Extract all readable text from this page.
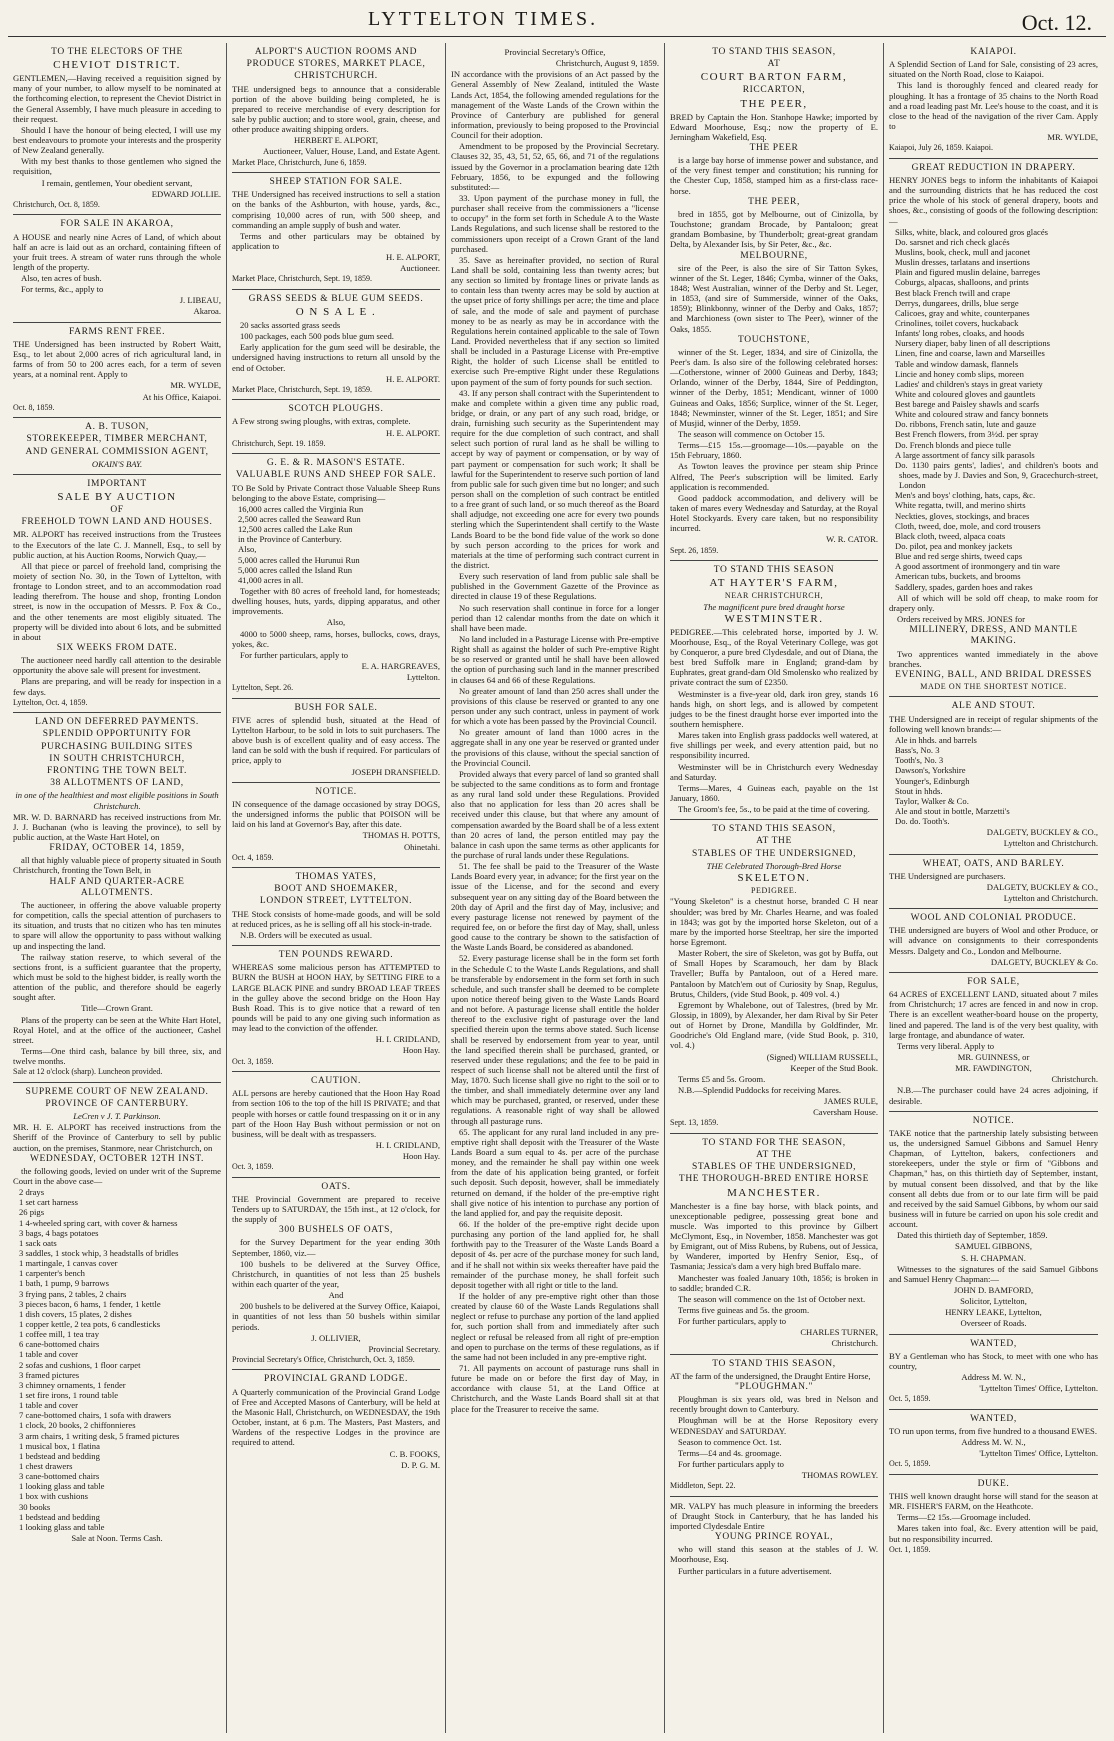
LYTTELTON TIMES.	Oct. 12.
TO THE ELECTORS OF THE
CHEVIOT DISTRICT.

GENTLEMEN,—Having received a requisition signed by many of your number, to allow myself to be nominated at the forthcoming election, to represent the Cheviot District in the General Assembly, I have much pleasure in acceding to their request.

Should I have the honour of being elected, I will use my best endeavours to promote your interests and the prosperity of New Zealand generally.

With my best thanks to those gentlemen who signed the requisition,

I remain, gentlemen, Your obedient servant,
EDWARD JOLLIE.
Christchurch, Oct. 8, 1859.
FOR SALE IN AKAROA,

A HOUSE and nearly nine Acres of Land, of which about half an acre is laid out as an orchard, containing fifteen of your fruit trees. A stream of water runs through the whole length of the property.

Also, ten acres of bush.

For terms, &c., apply to

J. LIBEAU,
Akaroa.
FARMS RENT FREE.

THE Undersigned has been instructed by Robert Waitt, Esq., to let about 2,000 acres of rich agricultural land, in farms of from 50 to 200 acres each, for a term of seven years, at a nominal rent. Apply to

MR. WYLDE,
At his Office, Kaiapoi.
Oct. 8, 1859.
A. B. TUSON,
STOREKEEPER, TIMBER MERCHANT,
AND GENERAL COMMISSION AGENT,
OKAIN'S BAY.
IMPORTANT
SALE BY AUCTION
OF
FREEHOLD TOWN LAND AND HOUSES.

MR. ALPORT has received instructions from the Trustees to the Executors of the late C. J. Mannell, Esq., to sell by public auction, at his Auction Rooms, Norwich Quay,—

All that piece or parcel of freehold land, comprising the moiety of section No. 30, in the Town of Lyttelton, with frontage to London street, and to an accommodation road leading therefrom. The house and shop, fronting London street, is now in the occupation of Messrs. P. Fox & Co., and the other tenements are most eligibly situated. The property will be divided into about 6 lots, and be submitted in about

SIX WEEKS FROM DATE.

The auctioneer need hardly call attention to the desirable opportunity the above sale will present for investment.

Plans are preparing, and will be ready for inspection in a few days.

Lyttelton, Oct. 4, 1859.
LAND ON DEFERRED PAYMENTS.
SPLENDID OPPORTUNITY FOR
PURCHASING BUILDING SITES
IN SOUTH CHRISTCHURCH,
FRONTING THE TOWN BELT.
38 ALLOTMENTS OF LAND,
in one of the healthiest and most eligible positions in South Christchurch.

MR. W. D. BARNARD has received instructions from Mr. J. J. Buchanan (who is leaving the province), to sell by public auction, at the Waste Hart Hotel, on

FRIDAY, OCTOBER 14, 1859,

all that highly valuable piece of property situated in South Christchurch, fronting the Town Belt, in

HALF AND QUARTER-ACRE ALLOTMENTS.

The auctioneer, in offering the above valuable property for competition, calls the special attention of purchasers to its situation, and trusts that no citizen who has ten minutes to spare will allow the opportunity to pass without walking up and inspecting the land.

The railway station reserve, to which several of the sections front, is a sufficient guarantee that the property, which must be sold to the highest bidder, is really worth the attention of the public, and therefore should be eagerly sought after.

Title—Crown Grant.

Plans of the property can be seen at the White Hart Hotel, Royal Hotel, and at the office of the auctioneer, Cashel street.

Terms—One third cash, balance by bill three, six, and twelve months.

Sale at 12 o'clock (sharp). Luncheon provided.
SUPREME COURT OF NEW ZEALAND.
PROVINCE OF CANTERBURY.
LeCren v J. T. Parkinson.

MR. H. E. ALPORT has received instructions from the Sheriff of the Province of Canterbury to sell by public auction, on the premises, Stanmore, near Christchurch, on

WEDNESDAY, OCTOBER 12TH INST.

the following goods, levied on under writ of the Supreme Court in the above case—

2 drays
1 set cart harness
26 pigs
1 4-wheeled spring cart, with cover & harness
3 bags, 4 bags potatoes
1 sack oats
3 saddles, 1 stock whip, 3 headstalls of bridles
1 martingale, 1 canvas cover
1 carpenter's bench
1 bath, 1 pump, 9 barrows
3 frying pans, 2 tables, 2 chairs
3 pieces bacon, 6 hams, 1 fender, 1 kettle
1 dish covers, 15 plates, 2 dishes
1 copper kettle, 2 tea pots, 6 candlesticks
1 coffee mill, 1 tea tray
6 cane-bottomed chairs
1 table and cover
2 sofas and cushions, 1 floor carpet
3 framed pictures
3 chimney ornaments, 1 fender
1 set fire irons, 1 round table
1 table and cover
7 cane-bottomed chairs, 1 sofa with drawers
1 clock, 20 books, 2 chiffonnieres
3 arm chairs, 1 writing desk, 5 framed pictures
1 musical box, 1 flatina
1 bedstead and bedding
1 chest drawers
3 cane-bottomed chairs
1 looking glass and table
1 box with cushions
30 books
1 bedstead and bedding
1 looking glass and table
Sale at Noon. Terms Cash.
ALPORT'S AUCTION ROOMS AND
PRODUCE STORES, MARKET PLACE,
CHRISTCHURCH.

THE undersigned begs to announce that a considerable portion of the above building being completed, he is prepared to receive merchandise of every description for sale by public auction; and to store wool, grain, cheese, and other produce awaiting shipping orders.

HERBERT E. ALPORT,
Auctioneer, Valuer, House, Land, and Estate Agent.
Market Place, Christchurch, June 6, 1859.
SHEEP STATION FOR SALE.

THE Undersigned has received instructions to sell a station on the banks of the Ashburton, with house, yards, &c., comprising 10,000 acres of run, with 500 sheep, and commanding an ample supply of bush and water.

Terms and other particulars may be obtained by application to

H. E. ALPORT,
Auctioneer.
Market Place, Christchurch, Sept. 19, 1859.
GRASS SEEDS & BLUE GUM SEEDS.
O N S A L E .

20 sacks assorted grass seeds

100 packages, each 500 pods blue gum seed.

Early application for the gum seed will be desirable, the undersigned having instructions to return all unsold by the end of October.

H. E. ALPORT.
Market Place, Christchurch, Sept. 19, 1859.
SCOTCH PLOUGHS.

A Few strong swing ploughs, with extras, complete.

H. E. ALPORT.
Christchurch, Sept. 19. 1859.
G. E. & R. MASON'S ESTATE.
VALUABLE RUNS AND SHEEP FOR SALE.

TO Be Sold by Private Contract those Valuable Sheep Runs belonging to the above Estate, comprising—

16,000 acres called the Virginia Run
2,500 acres called the Seaward Run
12,500 acres called the Lake Run
in the Province of Canterbury.
Also,
5,000 acres called the Hurunui Run
5,000 acres called the Island Run
41,000 acres in all.

Together with 80 acres of freehold land, for homesteads; dwelling houses, huts, yards, dipping apparatus, and other improvements.

Also,

4000 to 5000 sheep, rams, horses, bullocks, cows, drays, yokes, &c.

For further particulars, apply to

E. A. HARGREAVES,
Lyttelton.
Lyttelton, Sept. 26.
BUSH FOR SALE.

FIVE acres of splendid bush, situated at the Head of Lyttelton Harbour, to be sold in lots to suit purchasers. The above bush is of excellent quality and of easy access. The land can be sold with the bush if required. For particulars of price, apply to

JOSEPH DRANSFIELD.
NOTICE.

IN consequence of the damage occasioned by stray DOGS, the undersigned informs the public that POISON will be laid on his land at Governor's Bay, after this date.

THOMAS H. POTTS,
Ohinetahi.
Oct. 4, 1859.
THOMAS YATES,
BOOT AND SHOEMAKER,
LONDON STREET, LYTTELTON.

THE Stock consists of home-made goods, and will be sold at reduced prices, as he is selling off all his stock-in-trade.

N.B. Orders will be executed as usual.

TEN POUNDS REWARD.

WHEREAS some malicious person has ATTEMPTED to BURN the BUSH at HOON HAY, by SETTING FIRE to a LARGE BLACK PINE and sundry BROAD LEAF TREES in the gulley above the second bridge on the Hoon Hay Bush Road. This is to give notice that a reward of ten pounds will be paid to any one giving such information as may lead to the conviction of the offender.

H. I. CRIDLAND,
Hoon Hay.
Oct. 3, 1859.
CAUTION.

ALL persons are hereby cautioned that the Hoon Hay Road from section 106 to the top of the hill IS PRIVATE; and that people with horses or cattle found trespassing on it or in any part of the Hoon Hay Bush without permission or not on business, will be dealt with as trespassers.

H. I. CRIDLAND,
Hoon Hay.
Oct. 3, 1859.
OATS.

THE Provincial Government are prepared to receive Tenders up to SATURDAY, the 15th inst., at 12 o'clock, for the supply of

300 BUSHELS OF OATS,

for the Survey Department for the year ending 30th September, 1860, viz.—

100 bushels to be delivered at the Survey Office, Christchurch, in quantities of not less than 25 bushels within each quarter of the year,

And

200 bushels to be delivered at the Survey Office, Kaiapoi, in quantities of not less than 50 bushels within similar periods.

J. OLLIVIER,
Provincial Secretary.
Provincial Secretary's Office, Christchurch, Oct. 3, 1859.
PROVINCIAL GRAND LODGE.

A Quarterly communication of the Provincial Grand Lodge of Free and Accepted Masons of Canterbury, will be held at the Masonic Hall, Christchurch, on WEDNESDAY, the 19th October, instant, at 6 p.m. The Masters, Past Masters, and Wardens of the respective Lodges in the province are required to attend.

C. B. FOOKS,
D. P. G. M.
Provincial Secretary's Office,
Christchurch, August 9, 1859.

IN accordance with the provisions of an Act passed by the General Assembly of New Zealand, intituled the Waste Lands Act, 1854, the following amended regulations for the management of the Waste Lands of the Crown within the Province of Canterbury are published for general information, previously to being proposed to the Provincial Council for their adoption.

Amendment to be proposed by the Provincial Secretary. Clauses 32, 35, 43, 51, 52, 65, 66, and 71 of the regulations issued by the Governor in a proclamation bearing date 12th February, 1856, to be expunged and the following substituted:—

33. Upon payment of the purchase money in full, the purchaser shall receive from the commissioners a "license to occupy" in the form set forth in Schedule A to the Waste Lands Regulations, and such license shall be restored to the commissioners upon receipt of a Crown Grant of the land purchased.

35. Save as hereinafter provided, no section of Rural Land shall be sold, containing less than twenty acres; but any section so limited by frontage lines or private lands as to contain less than twenty acres may be sold by auction at the upset price of forty shillings per acre; the time and place of sale, and the mode of sale and payment of purchase money to be as nearly as may be in accordance with the Regulations herein contained applicable to the sale of Town Land. Provided nevertheless that if any section so limited shall be included in a Pasturage License with Pre-emptive Right, the holder of such License shall be entitled to exercise such Pre-emptive Right under these Regulations upon payment of the sum of forty pounds for such section.

43. If any person shall contract with the Superintendent to make and complete within a given time any public road, bridge, or drain, or any part of any such road, bridge, or drain, furnishing such security as the Superintendent may require for the due completion of such contract, and shall select such portion of rural land as he shall be willing to accept by way of payment or compensation, or by way of part payment or compensation for such work; It shall be lawful for the Superintendent to reserve such portion of land from public sale for such given time but no longer; and such person shall on the completion of such contract be entitled to a free grant of such land, or so much thereof as the Board shall adjudge, not exceeding one acre for every two pounds sterling which the Superintendent shall certify to the Waste Lands Board to be the bond fide value of the work so done by such person according to the prices for work and materials at the time of performing such contract current in the district.

Every such reservation of land from public sale shall be published in the Government Gazette of the Province as directed in clause 19 of these Regulations.

No such reservation shall continue in force for a longer period than 12 calendar months from the date on which it shall have been made.

No land included in a Pasturage License with Pre-emptive Right shall as against the holder of such Pre-emptive Right be so reserved or granted until he shall have been allowed the option of purchasing such land in the manner prescribed in clauses 64 and 66 of these Regulations.

No greater amount of land than 250 acres shall under the provisions of this clause be reserved or granted to any one person under any such contract, unless in payment of work for which a vote has been passed by the Provincial Council.

No greater amount of land than 1000 acres in the aggregate shall in any one year be reserved or granted under the provisions of this clause, without the special sanction of the Provincial Council.

Provided always that every parcel of land so granted shall be subjected to the same conditions as to form and frontage as any rural land sold under these Regulations. Provided also that no application for less than 20 acres shall be received under this clause, but that where any amount of compensation awarded by the Board shall be of a less extent than 20 acres of land, the person entitled may pay the balance in cash upon the same terms as other applicants for the purchase of rural lands under these Regulations.

51. The fee shall be paid to the Treasurer of the Waste Lands Board every year, in advance; for the first year on the issue of the License, and for the second and every subsequent year on any sitting day of the Board between the 20th day of April and the first day of May, inclusive; and every pasturage license not renewed by payment of the required fee, on or before the first day of May, shall, unless good cause to the contrary be shown to the satisfaction of the Waste Lands Board, be considered as abandoned.

52. Every pasturage license shall be in the form set forth in the Schedule C to the Waste Lands Regulations, and shall be transferable by endorsement in the form set forth in such schedule, and such transfer shall be deemed to be complete upon notice thereof being given to the Waste Lands Board and not before. A pasturage license shall entitle the holder thereof to the exclusive right of pasturage over the land specified therein upon the terms above stated. Such license shall be reserved by endorsement from year to year, until the land specified therein shall be purchased, granted, or reserved under these regulations; and the fee to be paid in respect of such license shall not be altered until the first of May, 1870. Such license shall give no right to the soil or to the timber, and shall immediately determine over any land which may be purchased, granted, or reserved, under these regulations. A reasonable right of way shall be allowed through all pasturage runs.

65. The applicant for any rural land included in any pre-emptive right shall deposit with the Treasurer of the Waste Lands Board a sum equal to 4s. per acre of the purchase money, and the remainder he shall pay within one week from the date of his application being granted, or forfeit such deposit. Such deposit, however, shall be immediately returned on demand, if the holder of the pre-emptive right shall give notice of his intention to purchase any portion of the land applied for, and pay the requisite deposit.

66. If the holder of the pre-emptive right decide upon purchasing any portion of the land applied for, he shall forthwith pay to the Treasurer of the Waste Lands Board a deposit of 4s. per acre of the purchase money for such land, and if he shall not within six weeks thereafter have paid the remainder of the purchase money, he shall forfeit such deposit together with all right or title to the land.

If the holder of any pre-emptive right other than those created by clause 60 of the Waste Lands Regulations shall neglect or refuse to purchase any portion of the land applied for, such portion shall from and immediately after such neglect or refusal be released from all right of pre-emption and open to purchase on the terms of these regulations, as if the same had not been included in any pre-emptive right.

71. All payments on account of pasturage runs shall in future be made on or before the first day of May, in accordance with clause 51, at the Land Office at Christchurch, and the Waste Lands Board shall sit at that place for the Treasurer to receive the same.

TO STAND THIS SEASON,
AT
COURT BARTON FARM,
RICCARTON,
THE PEER,

BRED by Captain the Hon. Stanhope Hawke; imported by Edward Moorhouse, Esq.; now the property of E. Jerningham Wakefield, Esq.

THE PEER

is a large bay horse of immense power and substance, and of the very finest temper and constitution; his running for the Chester Cup, 1858, stamped him as a first-class race-horse.

THE PEER,

bred in 1855, got by Melbourne, out of Cinizolla, by Touchstone; grandam Brocade, by Pantaloon; great grandam Bombasine, by Thunderbolt; great-great grandam Delta, by Alexander Isis, by Sir Peter, &c., &c.

MELBOURNE,

sire of the Peer, is also the sire of Sir Tatton Sykes, winner of the St. Leger, 1846; Cymba, winner of the Oaks, 1848; West Australian, winner of the Derby and St. Leger, in 1853, (and sire of Summerside, winner of the Oaks, 1859); Blinkbonny, winner of the Derby and Oaks, 1857; and Marchioness (own sister to The Peer), winner of the Oaks, 1855.

TOUCHSTONE,

winner of the St. Leger, 1834, and sire of Cinizolla, the Peer's dam. Is also sire of the following celebrated horses:—Cotherstone, winner of 2000 Guineas and Derby, 1843; Orlando, winner of the Derby, 1844, Sire of Peddington, winner of the Derby, 1851; Mendicant, winner of 1000 Guineas and Oaks, 1856; Surplice, winner of the St. Leger, 1848; Newminster, winner of the St. Leger, 1851; and Sire of Musjid, winner of the Derby, 1859.

The season will commence on October 15.

Terms—£15 15s.—groomage—10s.—payable on the 15th February, 1860.

As Towton leaves the province per steam ship Prince Alfred, The Peer's subscription will be limited. Early application is recommended.

Good paddock accommodation, and delivery will be taken of mares every Wednesday and Saturday, at the Royal Hotel Stockyards. Every care taken, but no responsibility incurred.

W. R. CATOR.
Sept. 26, 1859.
TO STAND THIS SEASON
AT HAYTER'S FARM,
NEAR CHRISTCHURCH,
The magnificent pure bred draught horse
WESTMINSTER.

PEDIGREE.—This celebrated horse, imported by J. W. Moorhouse, Esq., of the Royal Veterinary College, was got by Conqueror, a pure bred Clydesdale, and out of Diana, the best bred Suffolk mare in England; grand-dam by Euphrates, great grand-dam Old Smolensko who realized by private contract the sum of £2350.

Westminster is a five-year old, dark iron grey, stands 16 hands high, on short legs, and is allowed by competent judges to be the finest draught horse ever imported into the southern hemisphere.

Mares taken into English grass paddocks well watered, at five shillings per week, and every attention paid, but no responsibility incurred.

Westminster will be in Christchurch every Wednesday and Saturday.

Terms—Mares, 4 Guineas each, payable on the 1st January, 1860.

The Groom's fee, 5s., to be paid at the time of covering.

TO STAND THIS SEASON,
AT THE
STABLES OF THE UNDERSIGNED,
THE Celebrated Thorough-Bred Horse
SKELETON.
PEDIGREE.

"Young Skeleton" is a chestnut horse, branded C H near shoulder; was bred by Mr. Charles Hearne, and was foaled in 1843; was got by the imported horse Skeleton, out of a mare by the imported horse Steeltrap, her sire the imported horse Egremont.

Master Robert, the sire of Skeleton, was got by Buffa, out of Small Hopes by Scaramouch, her dam by Black Traveller; Buffa by Pantaloon, out of a Hered mare. Pantaloon by Match'em out of Curiosity by Snap, Regulus, Brutus, Childers, (vide Stud Book, p. 409 vol. 4.)

Egremont by Whalebone, out of Talestres, (bred by Mr. Glossip, in 1809), by Alexander, her dam Rival by Sir Peter out of Hornet by Drone, Mandilla by Goldfinder, Mr. Goodriche's Old England mare, (vide Stud Book, p. 310, vol. 4.)

(Signed) WILLIAM RUSSELL,
Keeper of the Stud Book.

Terms £5 and 5s. Groom.

N.B.—Splendid Puddocks for receiving Mares.

JAMES RULE,
Caversham House.
Sept. 13, 1859.
TO STAND FOR THE SEASON,
AT THE
STABLES OF THE UNDERSIGNED,
THE THOROUGH-BRED ENTIRE HORSE
MANCHESTER.

Manchester is a fine bay horse, with black points, and unexceptionable pedigree, possessing great bone and muscle. Was imported to this province by Gilbert McClymont, Esq., in November, 1858. Manchester was got by Emigrant, out of Miss Rubens, by Rubens, out of Jessica, by Wanderer, imported by Henfry Senior, Esq., of Tasmania; Jessica's dam a very high bred Buffalo mare.

Manchester was foaled January 10th, 1856; is broken in to saddle; branded C.R.

The season will commence on the 1st of October next.

Terms five guineas and 5s. the groom.

For further particulars, apply to

CHARLES TURNER,
Christchurch.
TO STAND THIS SEASON,

AT the farm of the undersigned, the Draught Entire Horse,

"PLOUGHMAN."

Ploughman is six years old, was bred in Nelson and recently brought down to Canterbury.

Ploughman will be at the Horse Repository every WEDNESDAY and SATURDAY.

Season to commence Oct. 1st.

Terms—£4 and 4s. groomage.

For further particulars apply to

THOMAS ROWLEY.
Middleton, Sept. 22.

MR. VALPY has much pleasure in informing the breeders of Draught Stock in Canterbury, that he has landed his imported Clydesdale Entire

YOUNG PRINCE ROYAL,

who will stand this season at the stables of J. W. Moorhouse, Esq.

Further particulars in a future advertisement.

KAIAPOI.

A Splendid Section of Land for Sale, consisting of 23 acres, situated on the North Road, close to Kaiapoi.

This land is thoroughly fenced and cleared ready for ploughing. It has a frontage of 35 chains to the North Road and a road leading past Mr. Lee's house to the coast, and it is close to the head of the navigation of the river Cam. Apply to

MR. WYLDE,
Kaiapoi, July 26, 1859. Kaiapoi.
GREAT REDUCTION IN DRAPERY.

HENRY JONES begs to inform the inhabitants of Kaiapoi and the surrounding districts that he has reduced the cost price the whole of his stock of general drapery, boots and shoes, &c., consisting of goods of the following description:—

Silks, white, black, and coloured gros glacés
Do. sarsnet and rich check glacés
Muslins, book, check, mull and jaconet
Muslin dresses, tarlatans and insertions
Plain and figured muslin delaine, barreges
Coburgs, alpacas, shalloons, and prints
Best black French twill and crape
Derrys, dungarees, drills, blue serge
Calicoes, gray and white, counterpanes
Crinolines, toilet covers, huckaback
Infants' long robes, cloaks, and hoods
Nursery diaper, baby linen of all descriptions
Linen, fine and coarse, lawn and Marseilles
Table and window damask, flannels
Lincie and honey comb slips, moreen
Ladies' and children's stays in great variety
White and coloured gloves and gauntlets
Best barege and Paisley shawls and scarfs
White and coloured straw and fancy bonnets
Do. ribbons, French satin, lute and gauze
Best French flowers, from 3½d. per spray
Do. French blonds and piece tulle
A large assortment of fancy silk parasols
Do. 1130 pairs gents', ladies', and children's boots and shoes, made by J. Davies and Son, 9, Gracechurch-street, London
Men's and boys' clothing, hats, caps, &c.
White regatta, twill, and merino shirts
Neckties, gloves, stockings, and braces
Cloth, tweed, doe, mole, and cord trousers
Black cloth, tweed, alpaca coats
Do. pilot, pea and monkey jackets
Blue and red serge shirts, tweed caps
A good assortment of ironmongery and tin ware
American tubs, buckets, and brooms
Saddlery, spades, garden hoes and rakes

All of which will be sold off cheap, to make room for drapery only.

Orders received by MRS. JONES for

MILLINERY, DRESS, AND MANTLE MAKING.

Two apprentices wanted immediately in the above branches.

EVENING, BALL, AND BRIDAL DRESSES
MADE ON THE SHORTEST NOTICE.
ALE AND STOUT.

THE Undersigned are in receipt of regular shipments of the following well known brands:—

Ale in hhds. and barrels
Bass's, No. 3
Tooth's, No. 3
Dawson's, Yorkshire
Younger's, Edinburgh
Stout in hhds.
Taylor, Walker & Co.
Ale and stout in bottle, Marzetti's
Do. do. Tooth's.
DALGETY, BUCKLEY & CO.,
Lyttelton and Christchurch.
WHEAT, OATS, AND BARLEY.

THE Undersigned are purchasers.

DALGETY, BUCKLEY & CO.,
Lyttelton and Christchurch.
WOOL AND COLONIAL PRODUCE.

THE undersigned are buyers of Wool and other Produce, or will advance on consignments to their correspondents Messrs. Dalgety and Co., London and Melbourne.

DALGETY, BUCKLEY & Co.
FOR SALE,

64 ACRES of EXCELLENT LAND, situated about 7 miles from Christchurch; 17 acres are fenced in and now in crop. There is an excellent weather-board house on the property, lined and papered. The land is of the very best quality, with large frontage, and abundance of water.

Terms very liberal. Apply to

MR. GUINNESS, or
MR. FAWDINGTON,
Christchurch.

N.B.—The purchaser could have 24 acres adjoining, if desirable.

NOTICE.

TAKE notice that the partnership lately subsisting between us, the undersigned Samuel Gibbons and Samuel Henry Chapman, of Lyttelton, bakers, confectioners and storekeepers, under the style or firm of "Gibbons and Chapman," has, on this thirtieth day of September, instant, by mutual consent been dissolved, and that by the like consent all debts due from or to our late firm will be paid and received by the said Samuel Gibbons, by whom our said business will in future be carried on upon his sole credit and account.

Dated this thirtieth day of September, 1859.

SAMUEL GIBBONS,
S. H. CHAPMAN.

Witnesses to the signatures of the said Samuel Gibbons and Samuel Henry Chapman:—

JOHN D. BAMFORD,
Solicitor, Lyttelton,
HENRY LEAKE, Lyttelton,
Overseer of Roads.
WANTED,

BY a Gentleman who has Stock, to meet with one who has country,

Address M. W. N.,
'Lyttelton Times' Office, Lyttelton.
Oct. 5, 1859.
WANTED,

TO run upon terms, from five hundred to a thousand EWES.

Address M. W. N.,
'Lyttelton Times' Office, Lyttelton.
Oct. 5, 1859.
DUKE.

THIS well known draught horse will stand for the season at MR. FISHER'S FARM, on the Heathcote.

Terms—£2 15s.—Groomage included.

Mares taken into foal, &c. Every attention will be paid, but no responsibility incurred.

Oct. 1, 1859.
